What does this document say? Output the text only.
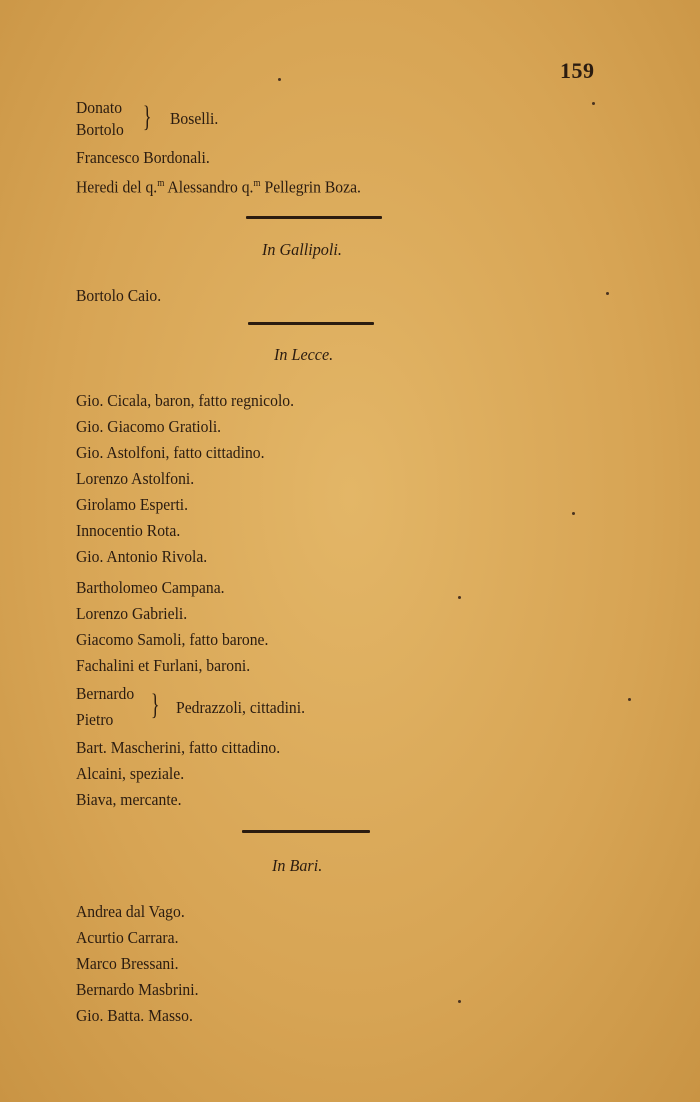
159
Donato
Bortolo } Boselli.
Francesco Bordonali.
Heredi del q.$^m$ Alessandro q.$^m$ Pellegrin Boza.
In Gallipoli.
Bortolo Caio.
In Lecce.
Gio. Cicala, baron, fatto regnicolo.
Gio. Giacomo Gratioli.
Gio. Astolfoni, fatto cittadino.
Lorenzo Astolfoni.
Girolamo Esperti.
Innocentio Rota.
Gio. Antonio Rivola.
Bartholomeo Campana.
Lorenzo Gabrieli.
Giacomo Samoli, fatto barone.
Fachalini et Furlani, baroni.
Bernardo
Pietro } Pedrazzoli, cittadini.
Bart. Mascherini, fatto cittadino.
Alcaini, speziale.
Biava, mercante.
In Bari.
Andrea dal Vago.
Acurtio Carrara.
Marco Bressani.
Bernardo Masbrini.
Gio. Batta. Masso.
